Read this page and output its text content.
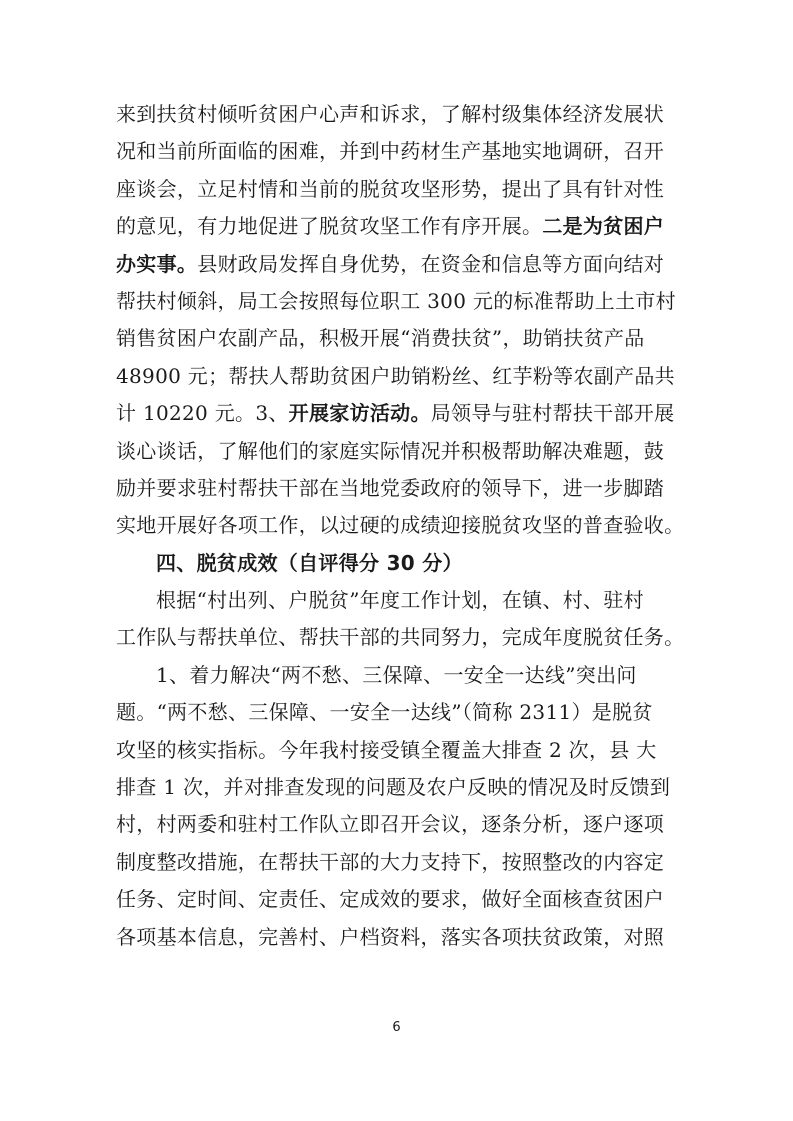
来到扶贫村倾听贫困户心声和诉求，了解村级集体经济发展状
况和当前所面临的困难，并到中药材生产基地实地调研，召开
座谈会，立足村情和当前的脱贫攻坚形势，提出了具有针对性
的意见，有力地促进了脱贫攻坚工作有序开展。二是为贫困户
办实事。县财政局发挥自身优势，在资金和信息等方面向结对
帮扶村倾斜，局工会按照每位职工 300 元的标准帮助上土市村
销售贫困户农副产品，积极开展“消费扶贫”，助销扶贫产品
48900 元；帮扶人帮助贫困户助销粉丝、红芋粉等农副产品共
计 10220 元。3、开展家访活动。局领导与驻村帮扶干部开展
谈心谈话，了解他们的家庭实际情况并积极帮助解决难题，鼓
励并要求驻村帮扶干部在当地党委政府的领导下，进一步脚踏
实地开展好各项工作，以过硬的成绩迎接脱贫攻坚的普查验收。
四、脱贫成效（自评得分 30 分）
根据“村出列、户脱贫”年度工作计划，在镇、村、驻村
工作队与帮扶单位、帮扶干部的共同努力，完成年度脱贫任务。
1、着力解决“两不愁、三保障、一安全一达线”突出问
题。“两不愁、三保障、一安全一达线”（简称 2311）是脱贫
攻坚的核实指标。今年我村接受镇全覆盖大排查 2 次，县 大
排查 1 次，并对排查发现的问题及农户反映的情况及时反馈到
村，村两委和驻村工作队立即召开会议，逐条分析，逐户逐项
制度整改措施，在帮扶干部的大力支持下，按照整改的内容定
任务、定时间、定责任、定成效的要求，做好全面核查贫困户
各项基本信息，完善村、户档资料，落实各项扶贫政策，对照
6
